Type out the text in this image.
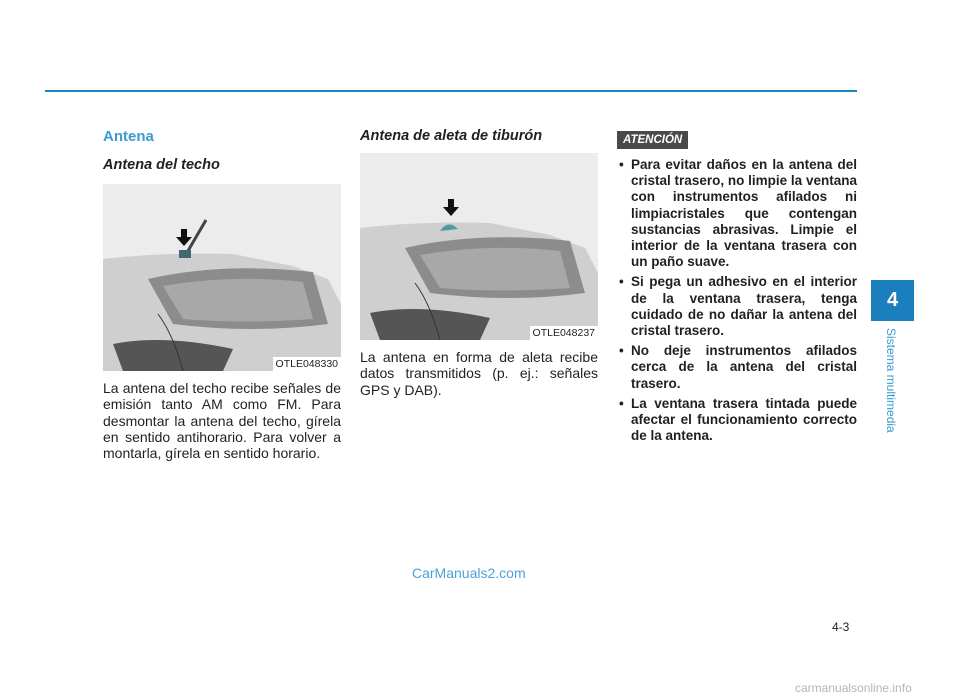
Antena
Antena del techo
OTLE048330

La antena del techo recibe señales de emisión tanto AM como FM. Para desmontar la antena del techo, gírela en sentido antihorario. Para volver a montarla, gírela en sentido horario.

Antena de aleta de tiburón
OTLE048237

La antena en forma de aleta recibe datos transmitidos (p. ej.: señales GPS y DAB).

ATENCIÓN
• Para evitar daños en la antena del cristal trasero, no limpie la ventana con instrumentos afilados ni limpiacristales que contengan sustancias abrasivas. Limpie el interior de la ventana trasera con un paño suave.
• Si pega un adhesivo en el interior de la ventana trasera, tenga cuidado de no dañar la antena del cristal trasero.
• No deje instrumentos afilados cerca de la antena del cristal trasero.
• La ventana trasera tintada puede afectar el funcionamiento correcto de la antena.
4
Sistema multimedia
4-3
CarManuals2.com
carmanualsonline.info
